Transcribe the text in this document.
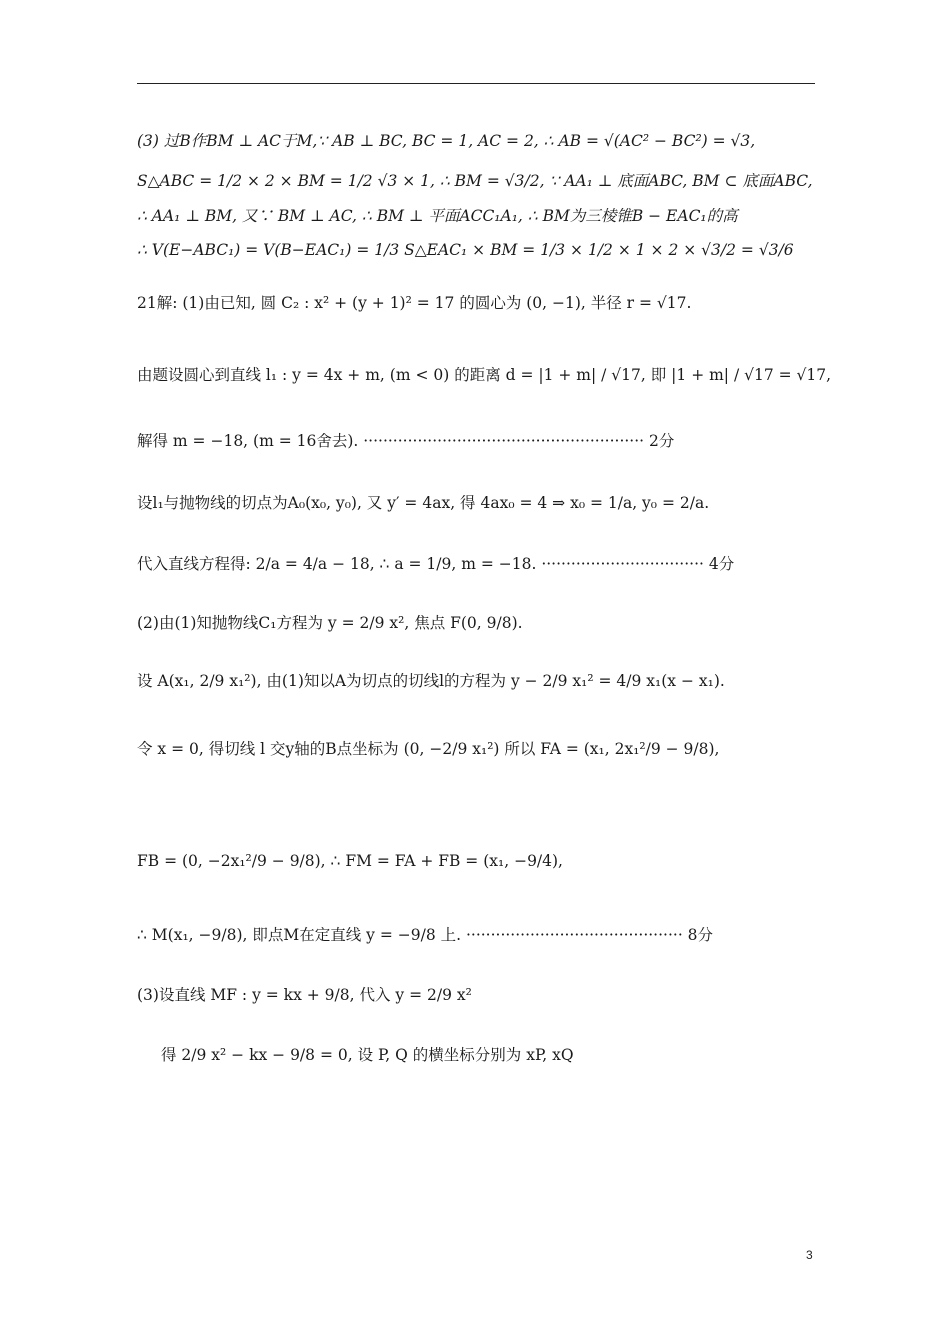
(3) 过B作BM ⊥ AC于M,∵ AB ⊥ BC, BC = 1, AC = 2, ∴ AB = √(AC² − BC²) = √3,
S△ABC = 1/2 × 2 × BM = 1/2 √3 × 1, ∴ BM = √3/2, ∵ AA₁ ⊥ 底面ABC, BM ⊂ 底面ABC,
∴ AA₁ ⊥ BM, 又∵ BM ⊥ AC, ∴ BM ⊥ 平面ACC₁A₁, ∴ BM为三棱锥B − EAC₁的高
∴ V(E−ABC₁) = V(B−EAC₁) = 1/3 S△EAC₁ × BM = 1/3 × 1/2 × 1 × 2 × √3/2 = √3/6
21解: (1)由已知, 圆 C₂ : x² + (y + 1)² = 17 的圆心为 (0, −1), 半径 r = √17.
由题设圆心到直线 l₁ : y = 4x + m, (m < 0) 的距离 d = |1 + m| / √17, 即 |1 + m| / √17 = √17,
解得 m = −18, (m = 16舍去). ························································· 2分
设l₁与抛物线的切点为A₀(x₀, y₀), 又 y′ = 4ax, 得 4ax₀ = 4 ⇒ x₀ = 1/a, y₀ = 2/a.
代入直线方程得: 2/a = 4/a − 18, ∴ a = 1/9, m = −18. ································· 4分
(2)由(1)知抛物线C₁方程为 y = 2/9 x², 焦点 F(0, 9/8).
设 A(x₁, 2/9 x₁²), 由(1)知以A为切点的切线l的方程为 y − 2/9 x₁² = 4/9 x₁(x − x₁).
令 x = 0, 得切线 l 交y轴的B点坐标为 (0, −2/9 x₁²) 所以 FA = (x₁, 2x₁²/9 − 9/8),
FB = (0, −2x₁²/9 − 9/8), ∴ FM = FA + FB = (x₁, −9/4),
∴ M(x₁, −9/8), 即点M在定直线 y = −9/8 上. ············································ 8分
(3)设直线 MF : y = kx + 9/8, 代入 y = 2/9 x²
得 2/9 x² − kx − 9/8 = 0, 设 P, Q 的横坐标分别为 xP, xQ
3
